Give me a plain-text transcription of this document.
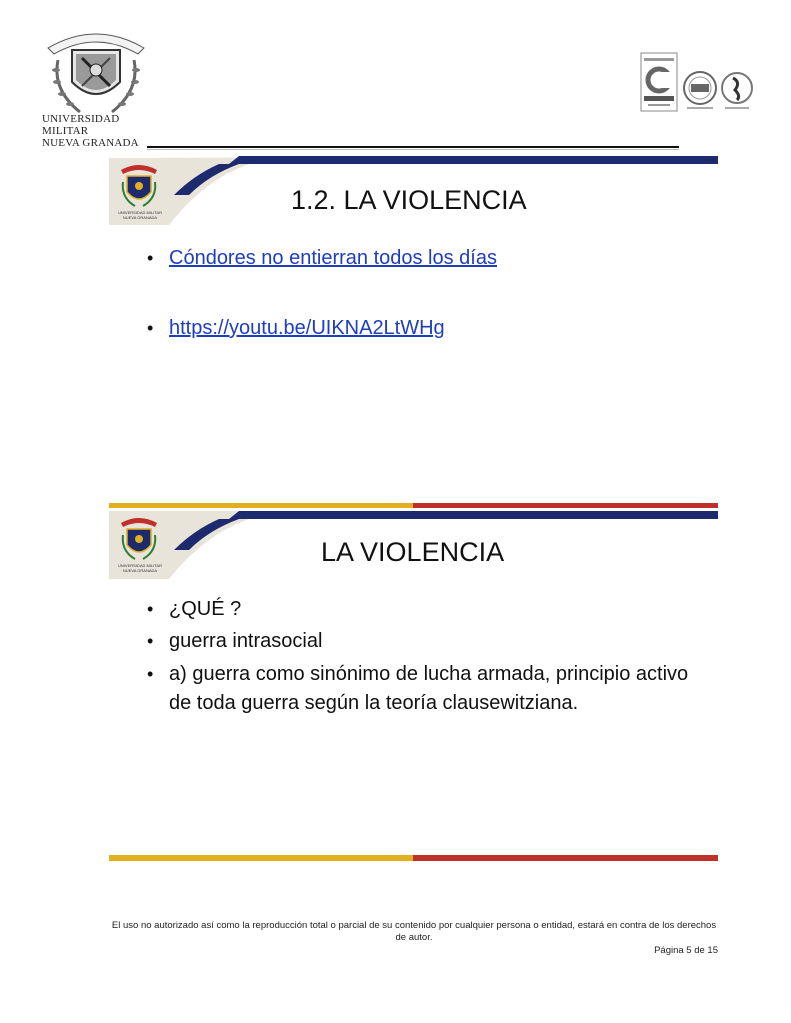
UNIVERSIDAD MILITAR
NUEVA GRANADA
UNIVERSIDAD MILITAR NUEVA GRANADA
1.2. LA VIOLENCIA
• Cóndores no entierran todos los días
• https://youtu.be/UIKNA2LtWHg
UNIVERSIDAD MILITAR NUEVA GRANADA
LA VIOLENCIA
• ¿QUÉ ?
• guerra intrasocial
• a) guerra como sinónimo de lucha armada, principio activo de toda guerra según la teoría clausewitziana.
El uso no autorizado así como la reproducción total o parcial de su contenido por cualquier persona o entidad, estará en contra de los derechos de autor.
Página 5 de 15
